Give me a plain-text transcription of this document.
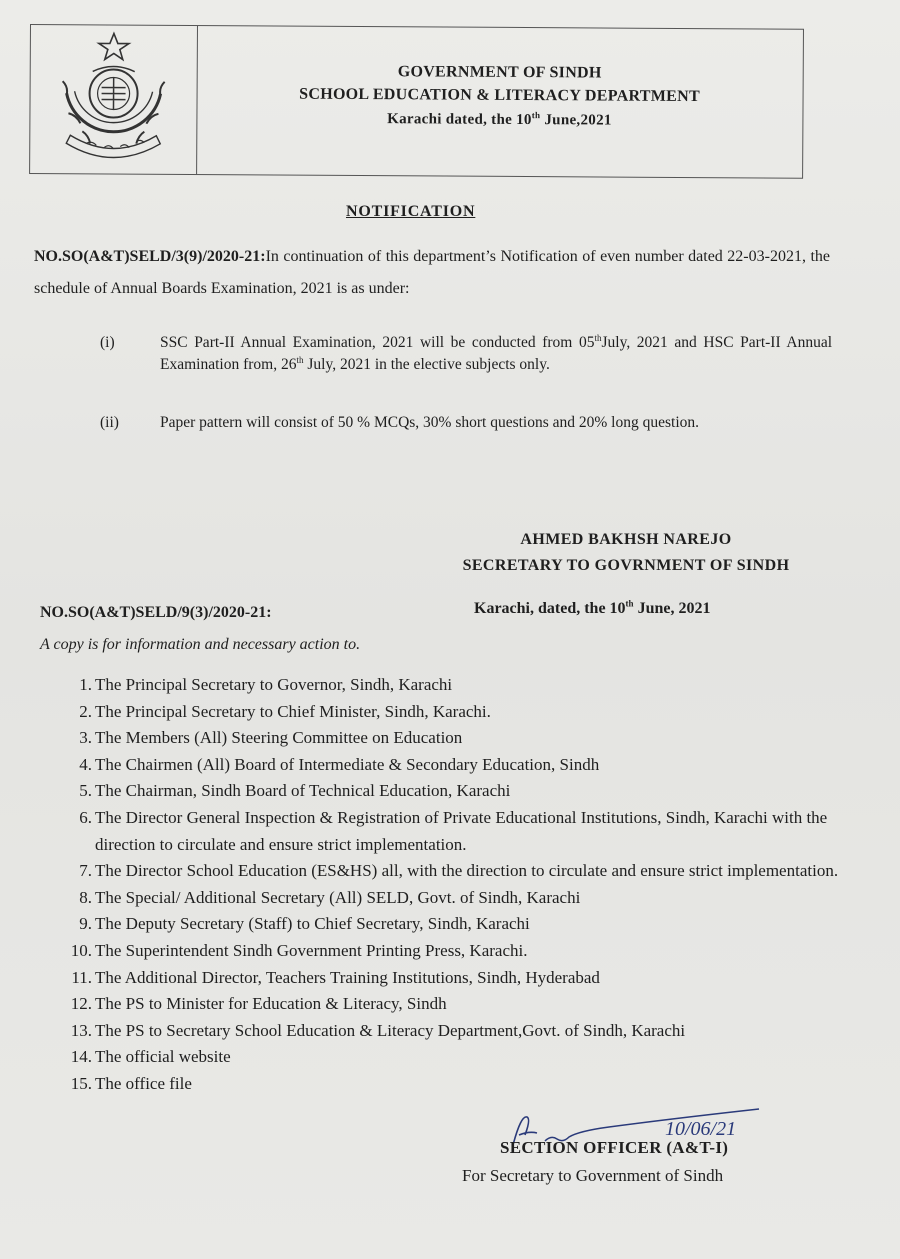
GOVERNMENT OF SINDH
SCHOOL EDUCATION & LITERACY DEPARTMENT
Karachi dated, the 10th June,2021
NOTIFICATION
NO.SO(A&T)SELD/3(9)/2020-21:In continuation of this department’s Notification of even number dated 22-03-2021, the schedule of Annual Boards Examination, 2021 is as under:
(i)	SSC Part-II Annual Examination, 2021 will be conducted from 05thJuly, 2021 and HSC Part-II Annual Examination from, 26th July, 2021 in the elective subjects only.
(ii)	Paper pattern will consist of 50 % MCQs, 30% short questions and 20% long question.
AHMED BAKHSH NAREJO
SECRETARY TO GOVRNMENT OF SINDH
NO.SO(A&T)SELD/9(3)/2020-21:	Karachi, dated, the 10th June, 2021
A copy is for information and necessary action to.
1. The Principal Secretary to Governor, Sindh, Karachi
2. The Principal Secretary to Chief Minister, Sindh, Karachi.
3. The Members (All) Steering Committee on Education
4. The Chairmen (All) Board of Intermediate & Secondary Education, Sindh
5. The Chairman, Sindh Board of Technical Education, Karachi
6. The Director General Inspection & Registration of Private Educational Institutions, Sindh, Karachi with the direction to circulate and ensure strict implementation.
7. The Director School Education (ES&HS) all, with the direction to circulate and ensure strict implementation.
8. The Special/ Additional Secretary (All) SELD, Govt. of Sindh, Karachi
9. The Deputy Secretary (Staff) to Chief Secretary, Sindh, Karachi
10. The Superintendent Sindh Government Printing Press, Karachi.
11. The Additional Director, Teachers Training Institutions, Sindh, Hyderabad
12. The PS to Minister for Education & Literacy, Sindh
13. The PS to Secretary School Education & Literacy Department,Govt. of Sindh, Karachi
14. The official website
15. The office file
10/06/21
SECTION OFFICER (A&T-I)
For Secretary to Government of Sindh
